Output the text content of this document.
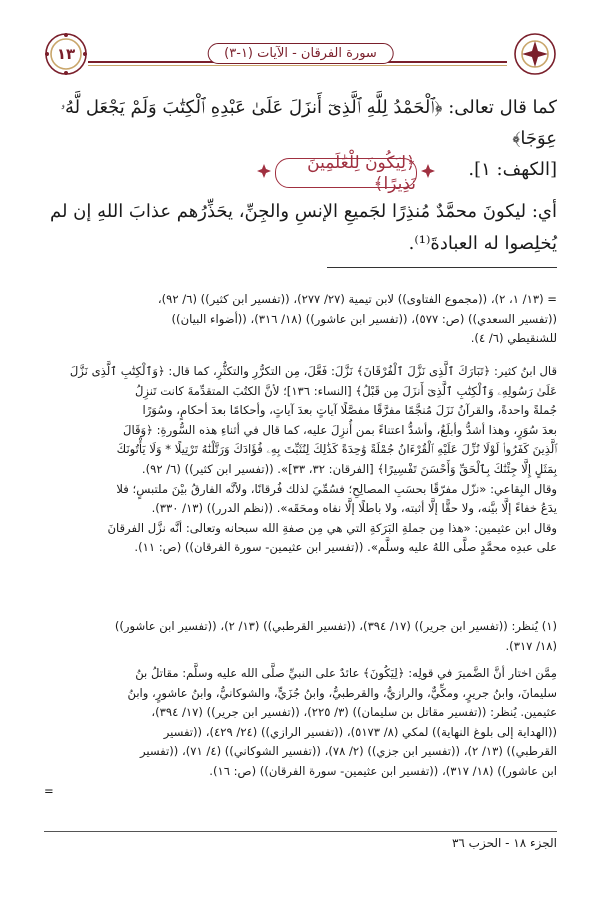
١٣	سورة الفرقان - الآيات (١-٣)

كما قال تعالى: ﴿ٱلْحَمْدُ لِلَّهِ ٱلَّذِىٓ أَنزَلَ عَلَىٰ عَبْدِهِ ٱلْكِتَٰبَ وَلَمْ يَجْعَل لَّهُۥ عِوَجَا﴾

[الكهف: ١].

﴿لِيَكُونَ لِلْعَٰلَمِينَ نَذِيرًا﴾

أي: ليكونَ محمَّدٌ مُنذِرًا لجَميعِ الإنسِ والجِنِّ، يحَذِّرُهم عذابَ اللهِ إن لم

يُخلِصوا له العبادةَ⁽¹⁾.

= (١٣/ ١، ٢)، ((مجموع الفتاوى)) لابن تيمية (٢٧/ ٢٧٧)، ((تفسير ابن كثير)) (٦/ ٩٢)،

((تفسير السعدي)) (ص: ٥٧٧)، ((تفسير ابن عاشور)) (١٨/ ٣١٦)، ((أضواء البيان))

للشنقيطي (٦/ ٤).

قال ابنُ كثير: ﴿تَبَارَكَ ٱلَّذِى نَزَّلَ ٱلْفُرْقَانَ﴾ نَزَّلَ: فَعَّلَ، مِن التكرُّرِ والتكثُّرِ، كما قال: ﴿وَٱلْكِتَٰبِ ٱلَّذِى نَزَّلَ

عَلَىٰ رَسُولِهِۦ وَٱلْكِتَٰبِ ٱلَّذِىٓ أَنزَلَ مِن قَبْلُ﴾ [النساء: ١٣٦]؛ لأنَّ الكتُبَ المتقدِّمةَ كانت تَنزِلُ

جُملةً واحدةً، والقرآنُ نَزَلَ مُنجَّمًا مفرَّقًا مفصَّلًا آياتٍ بعدَ آياتٍ، وأحكامًا بعدَ أحكامٍ، وسُوَرًا

بعدَ سُوَرٍ، وهذا أشدُّ وأبلَغُ، وأشدُّ اعتناءً بمن أُنزِلَ عليه، كما قال في أثناءِ هذه السُّورةِ: ﴿وَقَالَ

ٱلَّذِينَ كَفَرُوا۟ لَوْلَا نُزِّلَ عَلَيْهِ ٱلْقُرْءَانُ جُمْلَةً وَٰحِدَةً كَذَٰلِكَ لِنُثَبِّتَ بِهِۦ فُؤَادَكَ وَرَتَّلْنَٰهُ تَرْتِيلًا * وَلَا يَأْتُونَكَ

بِمَثَلٍ إِلَّا جِئْنَٰكَ بِٱلْحَقِّ وَأَحْسَنَ تَفْسِيرًا﴾ [الفرقان: ٣٢، ٣٣]». ((تفسير ابن كثير)) (٦/ ٩٢).

وقال البِقاعي: «نزّل مفرّقًا بحسَبِ المصالِحِ؛ فسُمِّيَ لذلك فُرقانًا، ولأنَّه الفارقُ بيْنَ ملتبسٍ؛ فلا

يدَعُ خفاءً إلَّا بيَّنه، ولا حقًّا إلَّا أثبته، ولا باطلًا إلَّا نفاه ومحَقَه». ((نظم الدرر)) (١٣/ ٣٣٠).

وقال ابن عثيمين: «هذا مِن جملةِ البَرَكةِ التي هي مِن صفةِ الله سبحانه وتعالى: أنَّه نزَّل الفرقانَ

على عبدِه محمَّدٍ صلَّى اللهُ عليه وسلَّم». ((تفسير ابن عثيمين- سورة الفرقان)) (ص: ١١).

(١) يُنظر: ((تفسير ابن جرير)) (١٧/ ٣٩٤)، ((تفسير القرطبي)) (١٣/ ٢)، ((تفسير ابن عاشور))

(١٨/ ٣١٧).

مِمَّن اختار أنَّ الضَّميرَ في قولِه: ﴿لِيَكُونَ﴾ عائدٌ على النبيِّ صلَّى الله عليه وسلَّم: مقاتلُ بنُ

سليمانَ، وابنُ جريرٍ، ومكِّيٌّ، والرازيُّ، والقرطبيُّ، وابنُ جُزَيٍّ، والشوكانيُّ، وابنُ عاشورٍ، وابنُ

عثيمين. يُنظر: ((تفسير مقاتل بن سليمان)) (٣/ ٢٢٥)، ((تفسير ابن جرير)) (١٧/ ٣٩٤)،

((الهداية إلى بلوغ النهاية)) لمكي (٨/ ٥١٧٣)، ((تفسير الرازي)) (٢٤/ ٤٢٩)، ((تفسير

القرطبي)) (١٣/ ٢)، ((تفسير ابن جزي)) (٢/ ٧٨)، ((تفسير الشوكاني)) (٤/ ٧١)، ((تفسير

ابن عاشور)) (١٨/ ٣١٧)، ((تفسير ابن عثيمين- سورة الفرقان)) (ص: ١٦).

=

الجزء ١٨ - الحزب ٣٦
